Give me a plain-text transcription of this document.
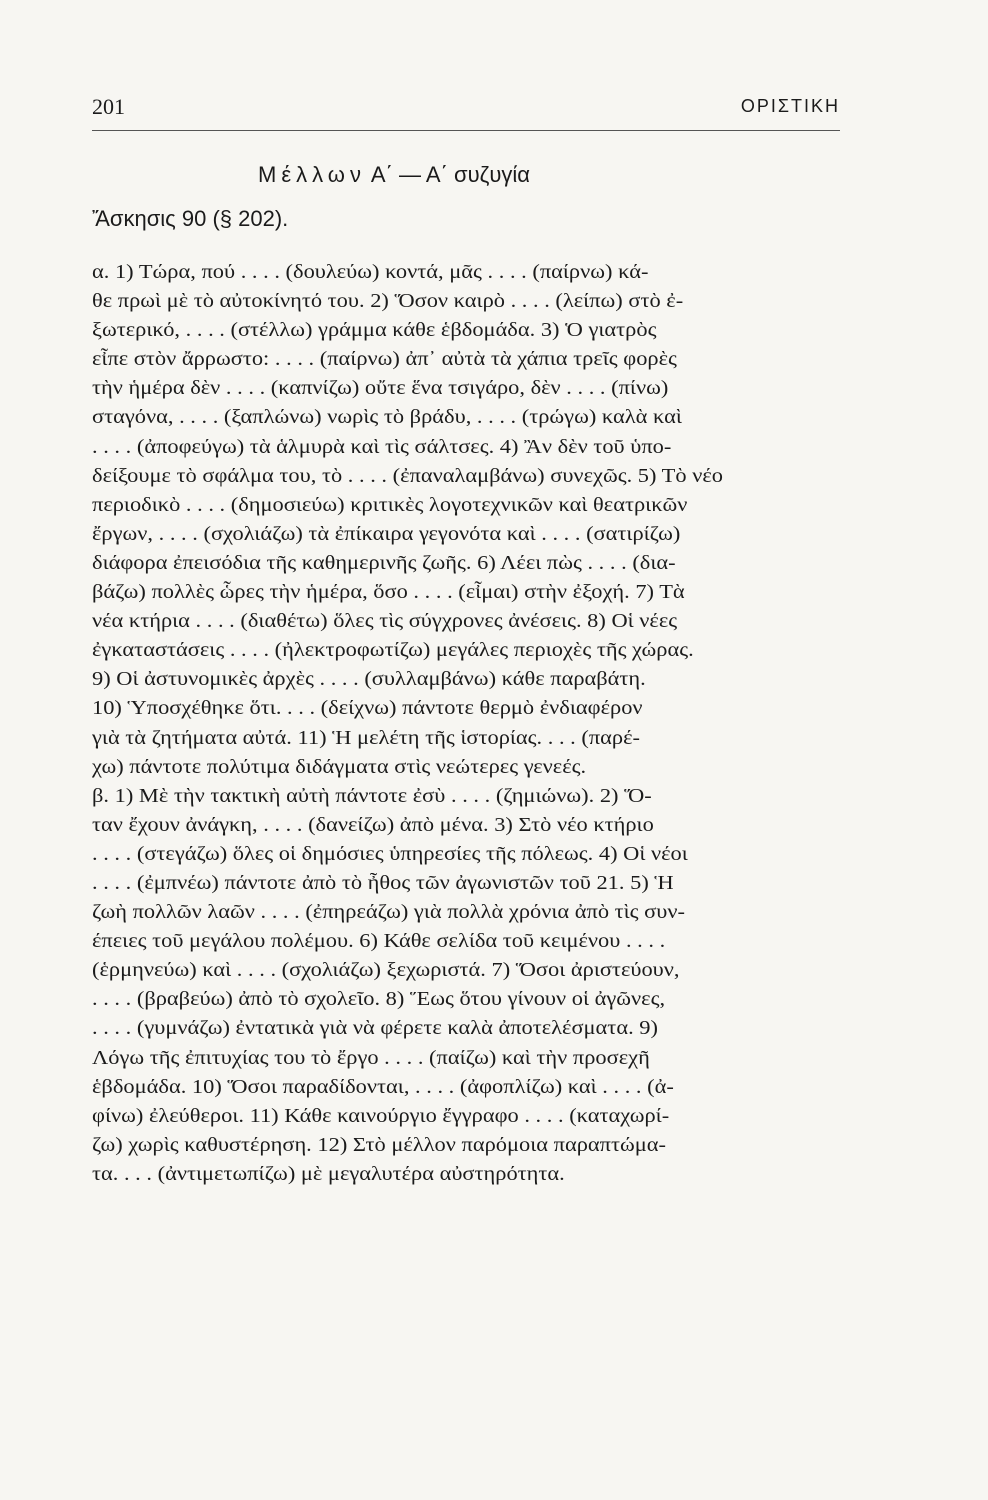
201	ΟΡΙΣΤΙΚΗ
Μέλλων Α΄ — Α΄ συζυγία
Ἄσκησις 90 (§ 202).
α. 1) Τώρα, πού . . . . (δουλεύω) κοντά, μᾶς . . . . (παίρνω) κά-
θε πρωὶ μὲ τὸ αὐτοκίνητό του. 2) Ὅσον καιρὸ . . . . (λείπω) στὸ ἐ-
ξωτερικό, . . . . (στέλλω) γράμμα κάθε ἑβδομάδα. 3) Ὁ γιατρὸς
εἶπε στὸν ἄρρωστο: . . . . (παίρνω) ἀπ᾿ αὐτὰ τὰ χάπια τρεῖς φορὲς
τὴν ἡμέρα δὲν . . . . (καπνίζω) οὔτε ἕνα τσιγάρο, δὲν . . . . (πίνω)
σταγόνα, . . . . (ξαπλώνω) νωρὶς τὸ βράδυ, . . . . (τρώγω) καλὰ καὶ
. . . . (ἀποφεύγω) τὰ ἁλμυρὰ καὶ τὶς σάλτσες. 4) Ἂν δὲν τοῦ ὑπο-
δείξουμε τὸ σφάλμα του, τὸ . . . . (ἐπαναλαμβάνω) συνεχῶς. 5) Τὸ νέο
περιοδικὸ . . . . (δημοσιεύω) κριτικὲς λογοτεχνικῶν καὶ θεατρικῶν
ἔργων, . . . . (σχολιάζω) τὰ ἐπίκαιρα γεγονότα καὶ . . . . (σατιρίζω)
διάφορα ἐπεισόδια τῆς καθημερινῆς ζωῆς. 6) Λέει πὼς . . . . (δια-
βάζω) πολλὲς ὧρες τὴν ἡμέρα, ὅσο . . . . (εἶμαι) στὴν ἐξοχή. 7) Τὰ
νέα κτήρια . . . . (διαθέτω) ὅλες τὶς σύγχρονες ἀνέσεις. 8) Οἱ νέες
ἐγκαταστάσεις . . . . (ἠλεκτροφωτίζω) μεγάλες περιοχὲς τῆς χώρας.
9) Οἱ ἀστυνομικὲς ἀρχὲς . . . . (συλλαμβάνω) κάθε παραβάτη.
10) Ὑποσχέθηκε ὅτι. . . . (δείχνω) πάντοτε θερμὸ ἐνδιαφέρον
γιὰ τὰ ζητήματα αὐτά. 11) Ἡ μελέτη τῆς ἱστορίας. . . . (παρέ-
χω) πάντοτε πολύτιμα διδάγματα στὶς νεώτερες γενεές.
β. 1) Μὲ τὴν τακτικὴ αὐτὴ πάντοτε ἐσὺ . . . . (ζημιώνω). 2) Ὅ-
ταν ἔχουν ἀνάγκη, . . . . (δανείζω) ἀπὸ μένα. 3) Στὸ νέο κτήριο
. . . . (στεγάζω) ὅλες οἱ δημόσιες ὑπηρεσίες τῆς πόλεως. 4) Οἱ νέοι
. . . . (ἐμπνέω) πάντοτε ἀπὸ τὸ ἦθος τῶν ἀγωνιστῶν τοῦ 21. 5) Ἡ
ζωὴ πολλῶν λαῶν . . . . (ἐπηρεάζω) γιὰ πολλὰ χρόνια ἀπὸ τὶς συν-
έπειες τοῦ μεγάλου πολέμου. 6) Κάθε σελίδα τοῦ κειμένου . . . .
(ἑρμηνεύω) καὶ . . . . (σχολιάζω) ξεχωριστά. 7) Ὅσοι ἀριστεύουν,
. . . . (βραβεύω) ἀπὸ τὸ σχολεῖο. 8) Ἕως ὅτου γίνουν οἱ ἀγῶνες,
. . . . (γυμνάζω) ἐντατικὰ γιὰ νὰ φέρετε καλὰ ἀποτελέσματα. 9)
Λόγω τῆς ἐπιτυχίας του τὸ ἔργο . . . . (παίζω) καὶ τὴν προσεχῆ
ἑβδομάδα. 10) Ὅσοι παραδίδονται, . . . . (ἀφοπλίζω) καὶ . . . . (ἀ-
φίνω) ἐλεύθεροι. 11) Κάθε καινούργιο ἔγγραφο . . . . (καταχωρί-
ζω) χωρὶς καθυστέρηση. 12) Στὸ μέλλον παρόμοια παραπτώμα-
τα. . . . (ἀντιμετωπίζω) μὲ μεγαλυτέρα αὐστηρότητα.
